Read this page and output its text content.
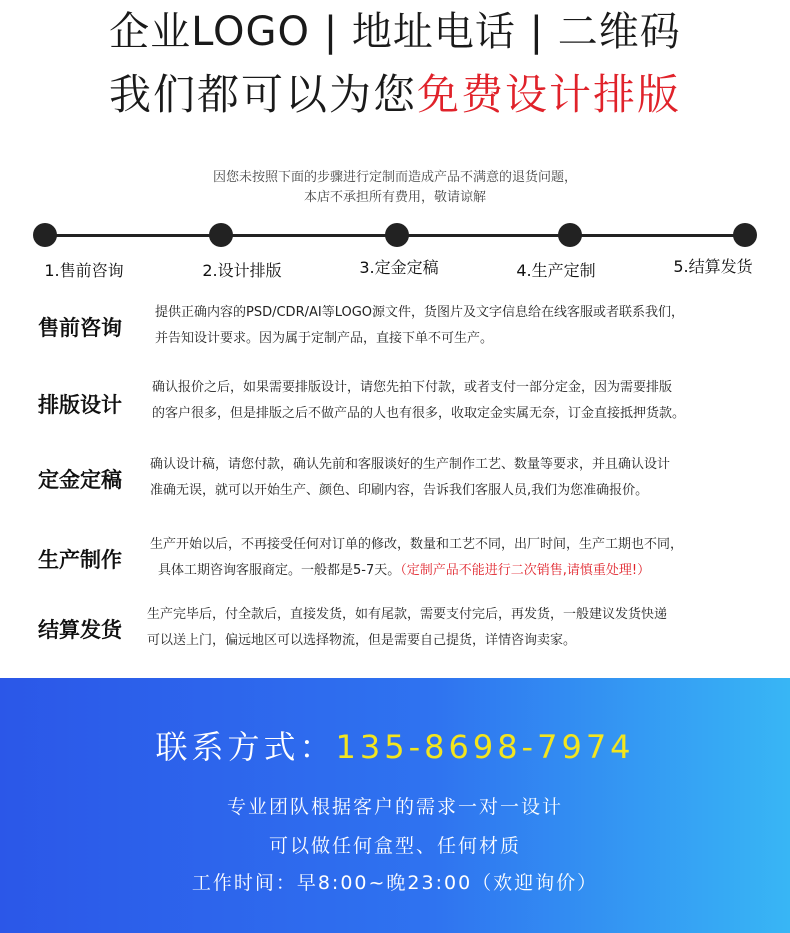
企业LOGO | 地址电话 | 二维码
我们都可以为您免费设计排版
因您未按照下面的步骤进行定制而造成产品不满意的退货问题，
本店不承担所有费用，敬请谅解
1.售前咨询	2.设计排版	3.定金定稿	4.生产定制	5.结算发货
售前咨询
提供正确内容的PSD/CDR/AI等LOGO源文件，货图片及文字信息给在线客服或者联系我们，
并告知设计要求。因为属于定制产品，直接下单不可生产。
排版设计
确认报价之后，如果需要排版设计，请您先拍下付款，或者支付一部分定金，因为需要排版
的客户很多，但是排版之后不做产品的人也有很多，收取定金实属无奈，订金直接抵押货款。
定金定稿
确认设计稿，请您付款，确认先前和客服谈好的生产制作工艺、数量等要求，并且确认设计
准确无误，就可以开始生产、颜色、印刷内容，告诉我们客服人员,我们为您准确报价。
生产制作
生产开始以后，不再接受任何对订单的修改，数量和工艺不同，出厂时间，生产工期也不同，
具体工期咨询客服商定。一般都是5-7天。（定制产品不能进行二次销售,请慎重处理!）
结算发货
生产完毕后，付全款后，直接发货，如有尾款，需要支付完后，再发货，一般建议发货快递
可以送上门，偏远地区可以选择物流，但是需要自己提货，详情咨询卖家。
联系方式：135-8698-7974
专业团队根据客户的需求一对一设计
可以做任何盒型、任何材质
工作时间：早8:00~晚23:00（欢迎询价）
